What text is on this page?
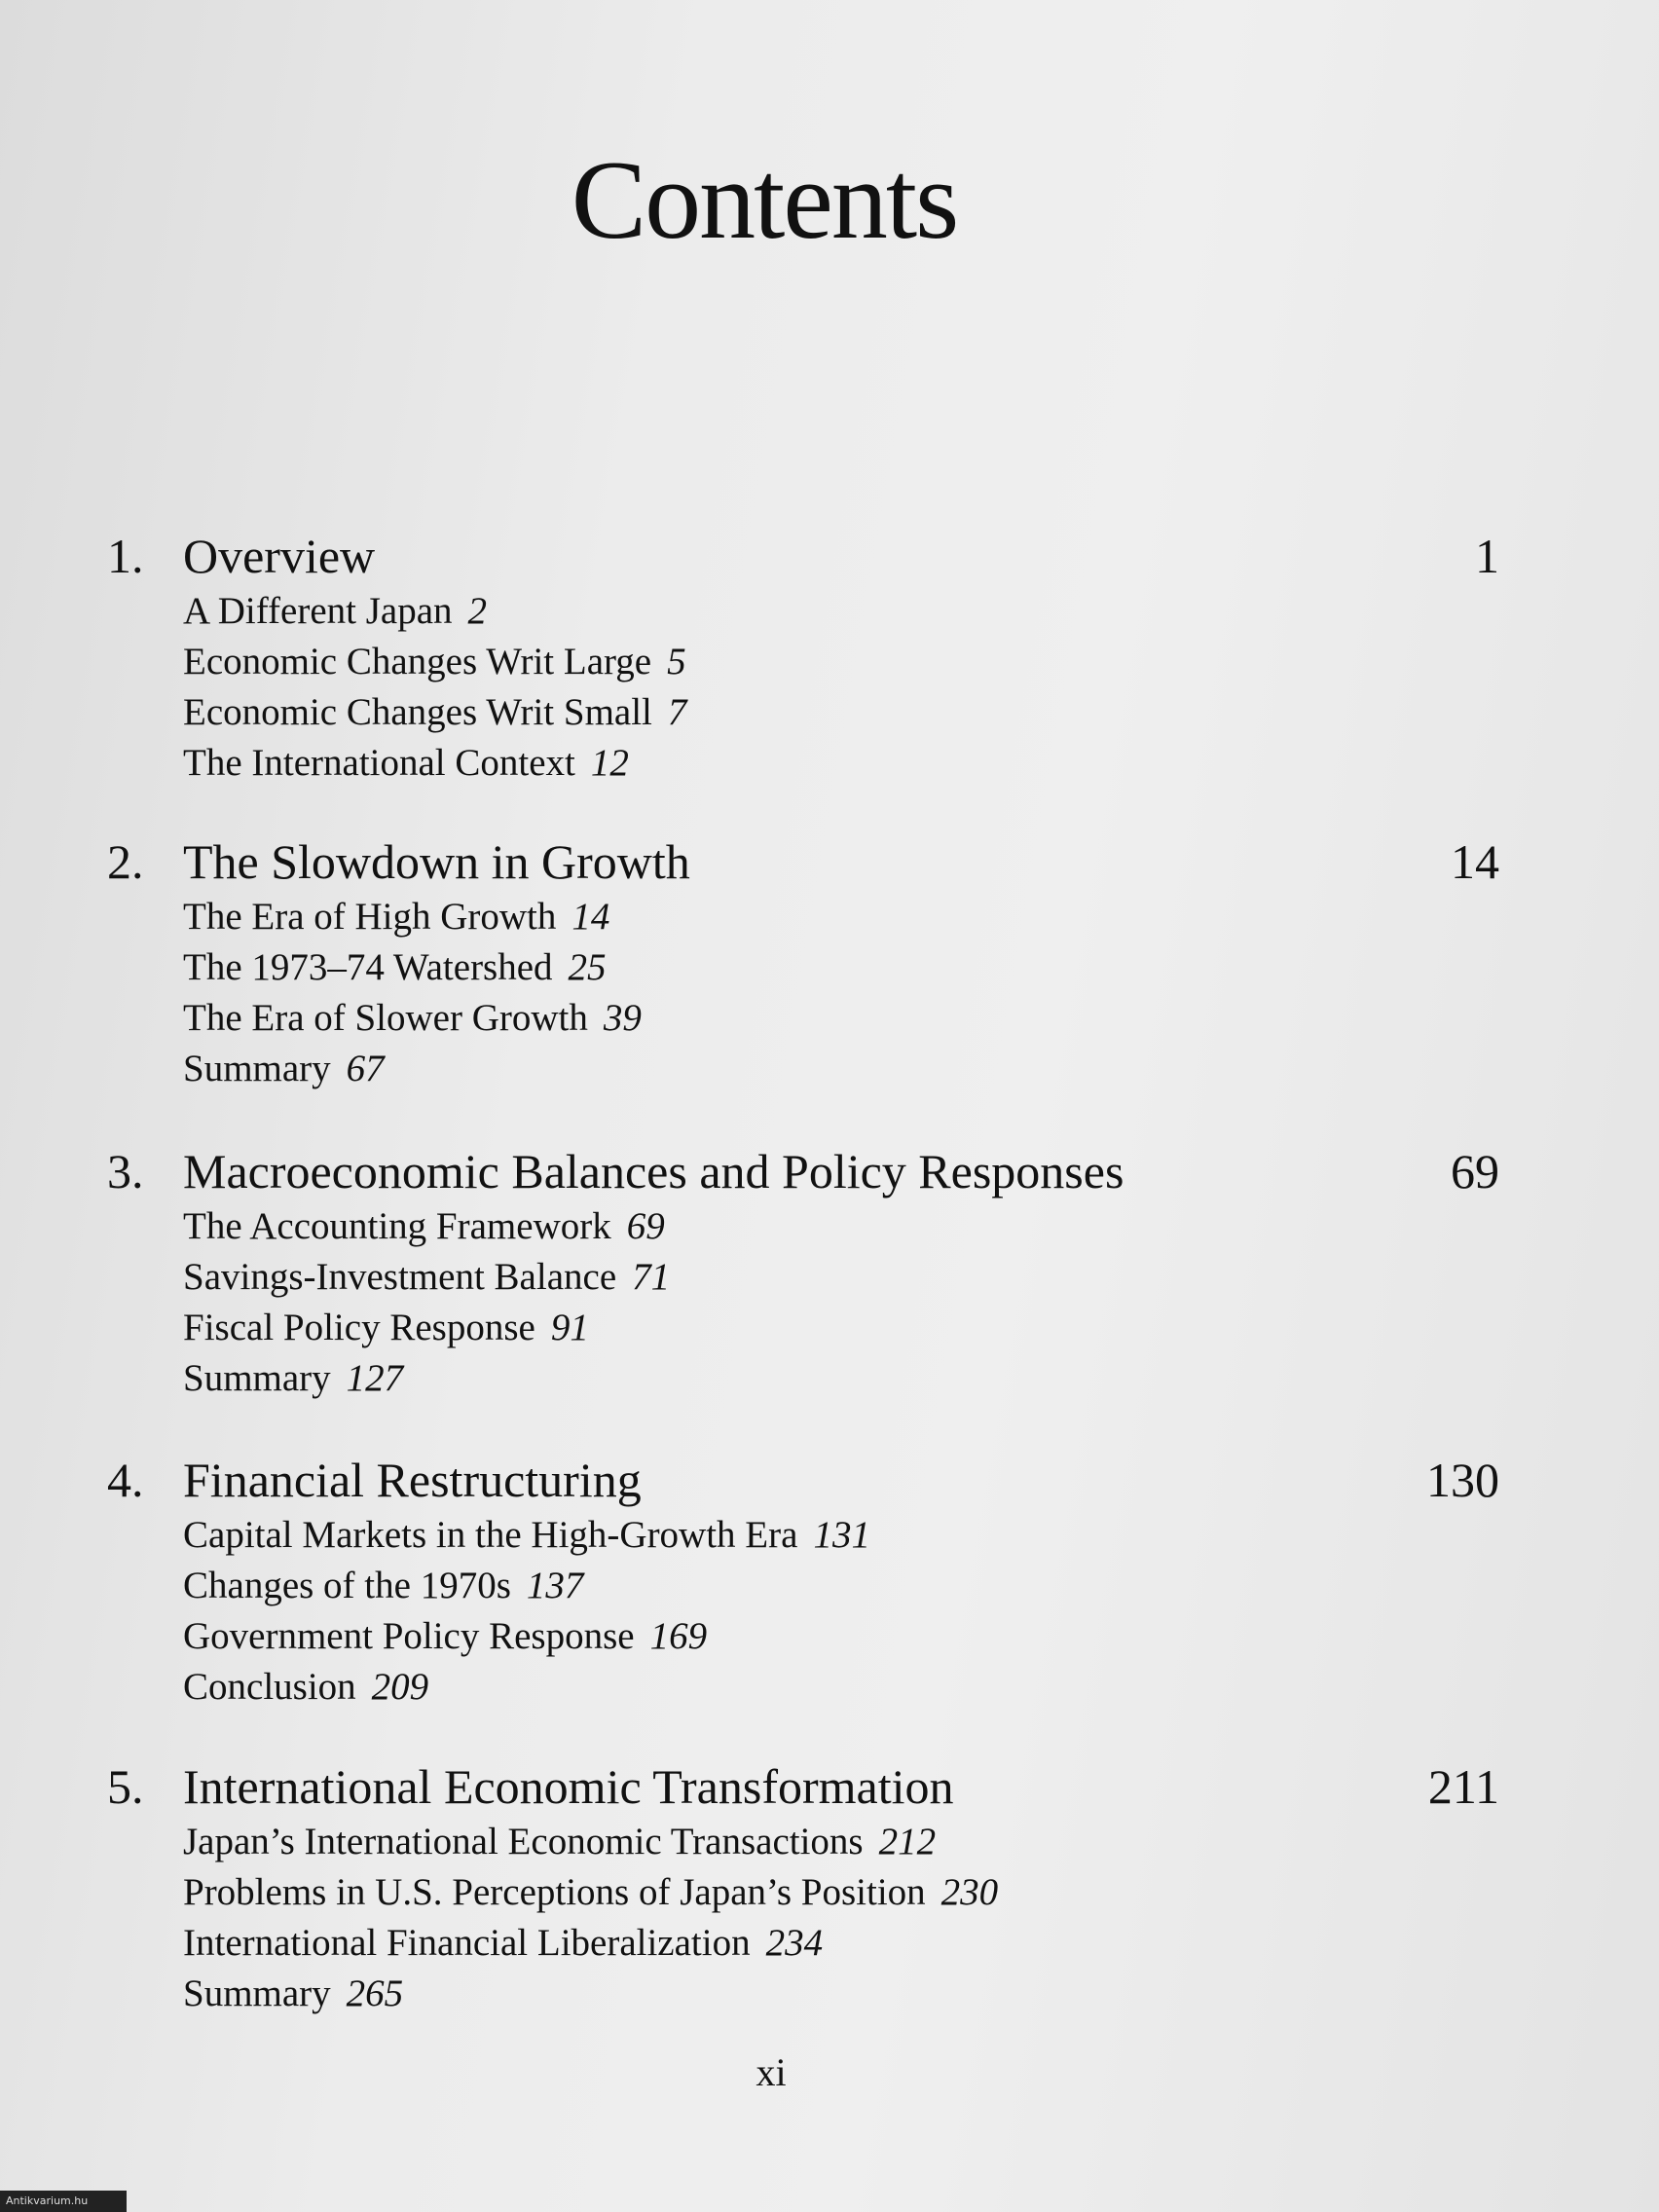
Contents
1. Overview	1
A Different Japan 2
Economic Changes Writ Large 5
Economic Changes Writ Small 7
The International Context 12
2. The Slowdown in Growth	14
The Era of High Growth 14
The 1973–74 Watershed 25
The Era of Slower Growth 39
Summary 67
3. Macroeconomic Balances and Policy Responses	69
The Accounting Framework 69
Savings-Investment Balance 71
Fiscal Policy Response 91
Summary 127
4. Financial Restructuring	130
Capital Markets in the High-Growth Era 131
Changes of the 1970s 137
Government Policy Response 169
Conclusion 209
5. International Economic Transformation	211
Japan’s International Economic Transactions 212
Problems in U.S. Perceptions of Japan’s Position 230
International Financial Liberalization 234
Summary 265
xi
Antikvarium.hu
